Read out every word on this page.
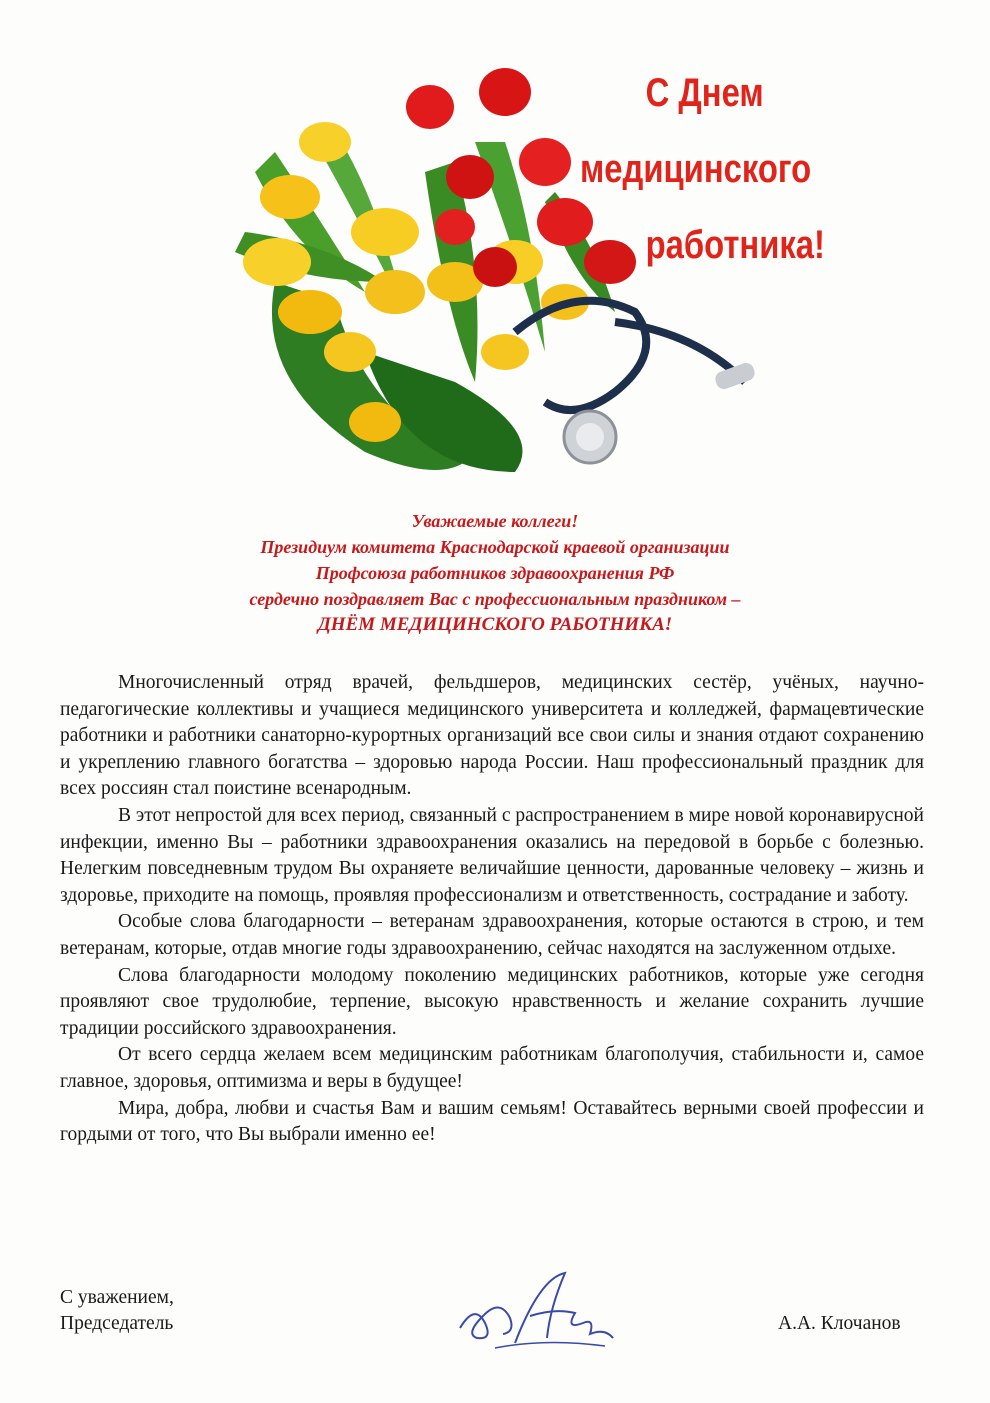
С Днем
медицинского
работника!
Уважаемые коллеги!
Президиум комитета Краснодарской краевой организации
Профсоюза работников здравоохранения РФ
сердечно поздравляет Вас с профессиональным праздником –
ДНЁМ МЕДИЦИНСКОГО РАБОТНИКА!

Многочисленный отряд врачей, фельдшеров, медицинских сестёр, учёных, научно-педагогические коллективы и учащиеся медицинского университета и колледжей, фармацевтические работники и работники санаторно-курортных организаций все свои силы и знания отдают сохранению и укреплению главного богатства – здоровью народа России. Наш профессиональный праздник для всех россиян стал поистине всенародным.

В этот непростой для всех период, связанный с распространением в мире новой коронавирусной инфекции, именно Вы – работники здравоохранения оказались на передовой в борьбе с болезнью. Нелегким повседневным трудом Вы охраняете величайшие ценности, дарованные человеку – жизнь и здоровье, приходите на помощь, проявляя профессионализм и ответственность, сострадание и заботу.

Особые слова благодарности – ветеранам здравоохранения, которые остаются в строю, и тем ветеранам, которые, отдав многие годы здравоохранению, сейчас находятся на заслуженном отдыхе.

Слова благодарности молодому поколению медицинских работников, которые уже сегодня проявляют свое трудолюбие, терпение, высокую нравственность и желание сохранить лучшие традиции российского здравоохранения.

От всего сердца желаем всем медицинским работникам благополучия, стабильности и, самое главное, здоровья, оптимизма и веры в будущее!

Мира, добра, любви и счастья Вам и вашим семьям! Оставайтесь верными своей профессии и гордыми от того, что Вы выбрали именно ее!

С уважением,
Председатель	А.А. Клочанов
